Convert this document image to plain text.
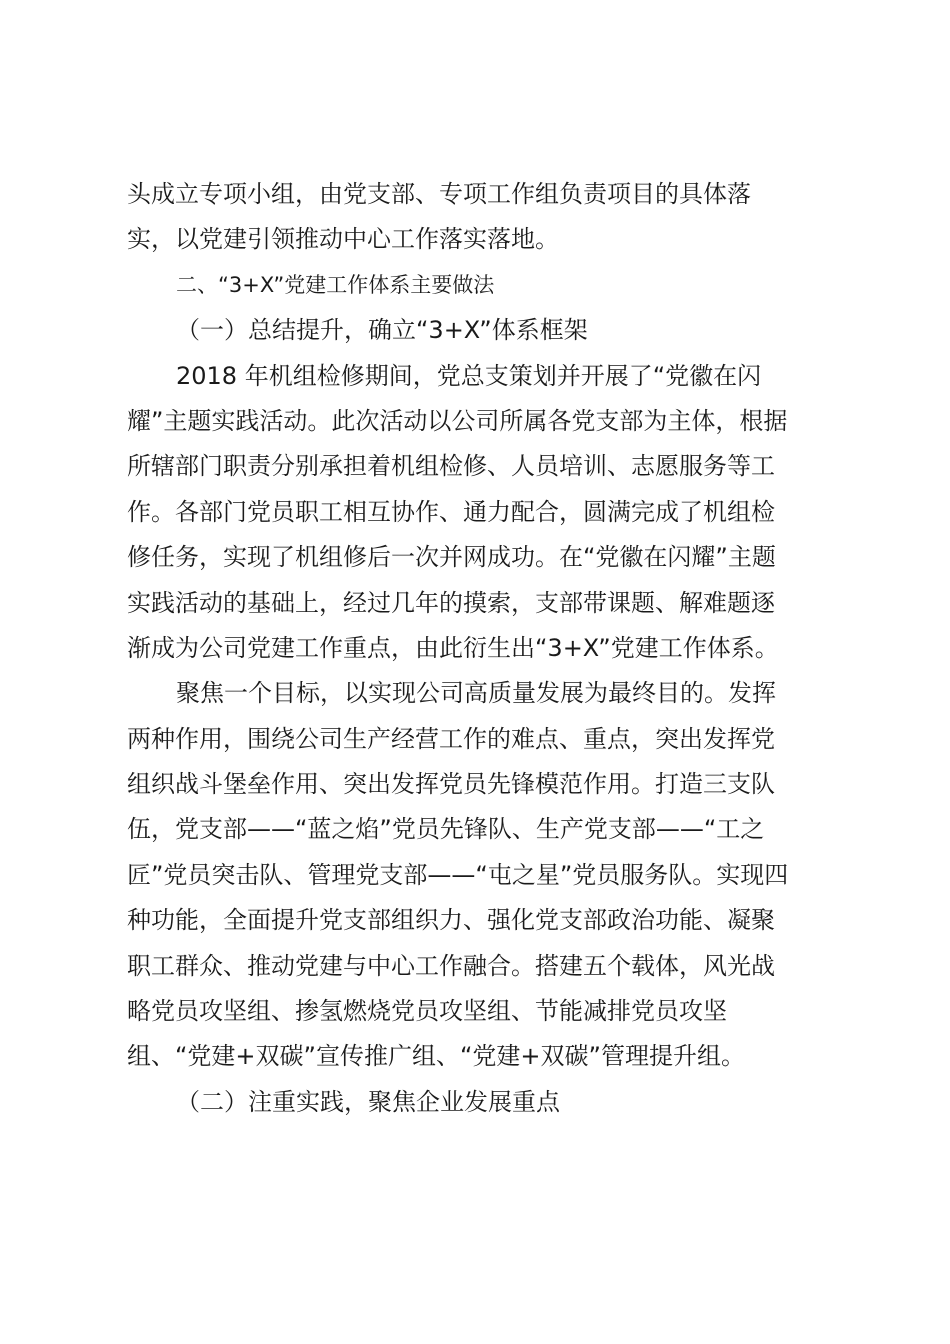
头成立专项小组，由党支部、专项工作组负责项目的具体落
实，以党建引领推动中心工作落实落地。
二、“3+X”党建工作体系主要做法
（一）总结提升，确立“3+X”体系框架
2018 年机组检修期间，党总支策划并开展了“党徽在闪
耀”主题实践活动。此次活动以公司所属各党支部为主体，根据
所辖部门职责分别承担着机组检修、人员培训、志愿服务等工
作。各部门党员职工相互协作、通力配合，圆满完成了机组检
修任务，实现了机组修后一次并网成功。在“党徽在闪耀”主题
实践活动的基础上，经过几年的摸索，支部带课题、解难题逐
渐成为公司党建工作重点，由此衍生出“3+X”党建工作体系。
聚焦一个目标，以实现公司高质量发展为最终目的。发挥
两种作用，围绕公司生产经营工作的难点、重点，突出发挥党
组织战斗堡垒作用、突出发挥党员先锋模范作用。打造三支队
伍，党支部——“蓝之焰”党员先锋队、生产党支部——“工之
匠”党员突击队、管理党支部——“屯之星”党员服务队。实现四
种功能，全面提升党支部组织力、强化党支部政治功能、凝聚
职工群众、推动党建与中心工作融合。搭建五个载体，风光战
略党员攻坚组、掺氢燃烧党员攻坚组、节能减排党员攻坚
组、“党建+双碳”宣传推广组、“党建+双碳”管理提升组。
（二）注重实践，聚焦企业发展重点
